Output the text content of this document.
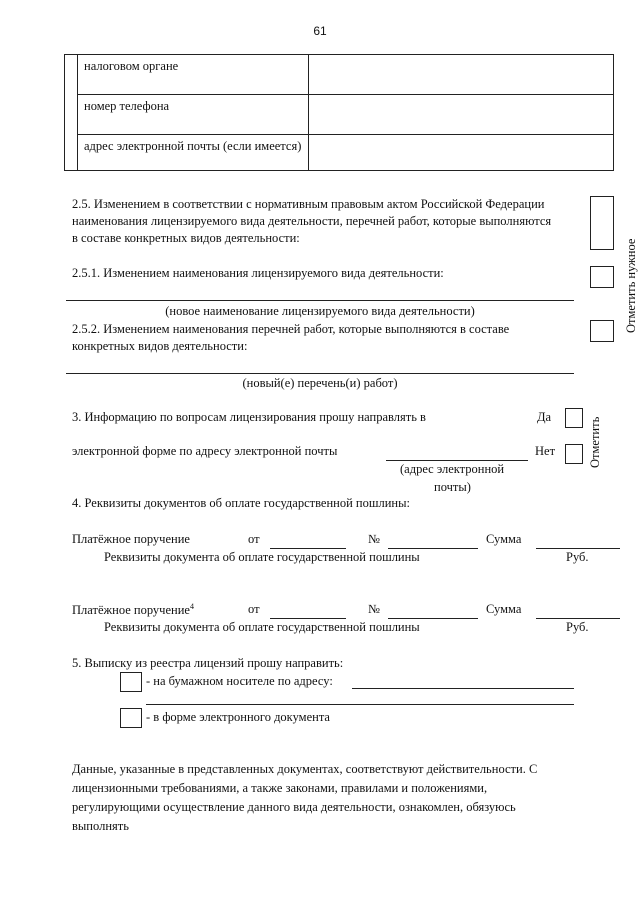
61
	налоговом органе	
	номер телефона	
	адрес электронной почты (если имеется)	
2.5. Изменением в соответствии с нормативным правовым актом Российской Федерации наименования лицензируемого вида деятельности, перечней работ, которые выполняются в составе конкретных видов деятельности:
Отметить нужное
2.5.1. Изменением наименования лицензируемого вида деятельности:
(новое наименование лицензируемого вида деятельности)
2.5.2. Изменением наименования перечней работ, которые выполняются в составе конкретных видов деятельности:
(новый(е) перечень(и) работ)
3. Информацию по вопросам лицензирования прошу направлять в	Да	Отметить
электронной форме по адресу электронной почты	Нет
(адрес электронной
почты)
4. Реквизиты документов об оплате государственной пошлины:
Платёжное поручение	от	№	Сумма
Реквизиты документа об оплате государственной пошлины	Руб.
Платёжное поручение$^4$	от	№	Сумма
Реквизиты документа об оплате государственной пошлины	Руб.
5. Выписку из реестра лицензий прошу направить:
- на бумажном носителе по адресу:
- в форме электронного документа
Данные, указанные в представленных документах, соответствуют действительности. С
лицензионными требованиями, а также законами, правилами и положениями,
регулирующими осуществление данного вида деятельности, ознакомлен, обязуюсь
выполнять
